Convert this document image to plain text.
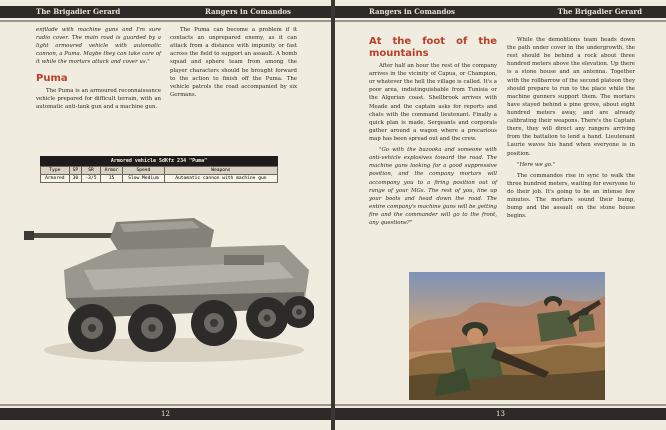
The Brigadier Gerard	Rangers in Comandos

enfilade with machine guns and I'm sure radio cover. The main road is guarded by a light armoured vehicle with automatic cannon, a Puma. Maybe they can take care of it while the mortars attack and cover us."

Puma

The Puma is an armoured reconnaissance vehicle prepared for difficult terrain, with an automatic anti-tank gun and a machine gun.

The Puma can become a problem if it contacts an unprepared enemy, as it can attack from a distance with impunity or fast across the field to support an assault. A bomb squad and sphere team from among the player characters should be brought forward to the action to finish off the Puma. The vehicle patrols the road accompanied by six Germans.

Armored vehicle SdKfz 234 "Puma"
Type	SP	SR	Armor	Speed	Weapons
Armored	30	-3/5	15	Slow Medium	Automatic cannon with machine gun
12
Rangers in Comandos	The Brigadier Gerard
At the foot of the mountains

After half an hour the rest of the company arrives in the vicinity of Capua, or Champion, or whatever the hell the village is called. It's a poor area, indistinguishable from Tunisia or the Algerian coast. Shellbrook arrives with Meade and the captain asks for reports and chats with the command lieutenant. Finally a quick plan is made, Sergeants and corporals gather around a wagon where a precarious map has been spread out and the crew.

"Go with the bazooka and someone with anti-vehicle explosives toward the road. The machine guns looking for a good suppressive position, and the company mortars will accompany you to a firing position out of range of your MGs. The rest of you, line up your boots and head down the road. The entire company's machine guns will be getting fire and the commander will go to the front, any questions?"

While the demolitions team heads down the path under cover in the undergrowth, the rest should be behind a rock about three hundred meters above the elevation. Up there is a stone house and an antenna. Together with the rollbarrow of the second platoon they should prepare to run to the place while the machine gunners support them. The mortars have stayed behind a pine grove, about eight hundred meters away, and are already calibrating their weapons. There's the Captain there, they will direct any rangers arriving from the battalion to lend a hand. Lieutenant Laurie waves his hand when everyone is in position.

"Here we go."

The commandos rise in sync to walk the three hundred meters, waiting for everyone to do their job. It's going to be an intense few minutes. The mortars sound their bump, bump and the assault on the stone house begins.

13
